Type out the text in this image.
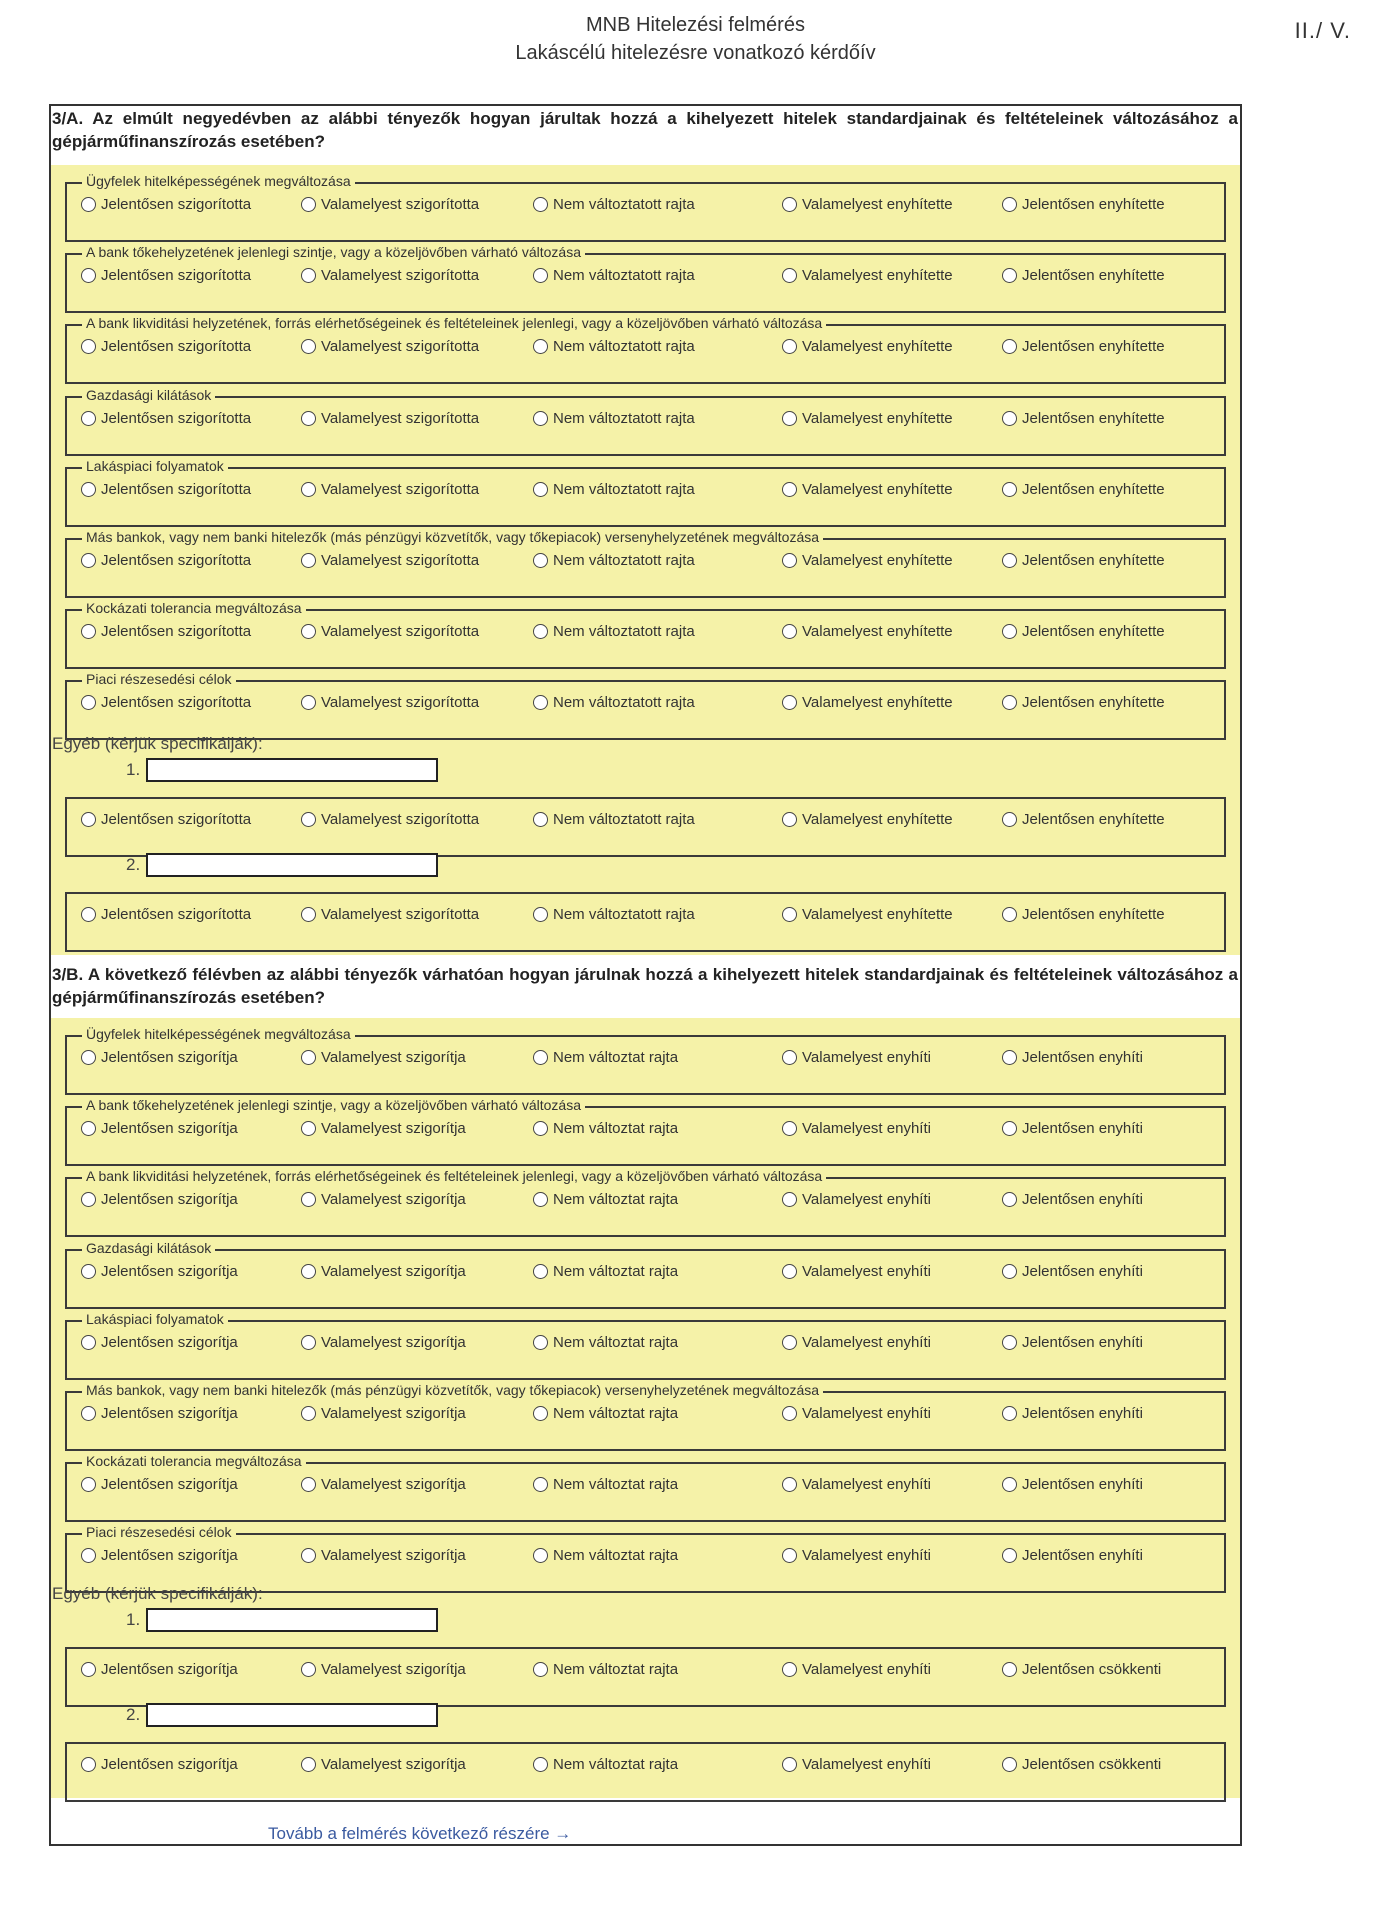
MNB Hitelezési felmérés
Lakáscélú hitelezésre vonatkozó kérdőív
II./ V.
3/A. Az elmúlt negyedévben az alábbi tényezők hogyan járultak hozzá a kihelyezett hitelek standardjainak és feltételeinek változásához a gépjárműfinanszírozás esetében?
3/B. A következő félévben az alábbi tényezők várhatóan hogyan járulnak hozzá a kihelyezett hitelek standardjainak és feltételeinek változásához a gépjárműfinanszírozás esetében?
Ügyfelek hitelképességének megváltozása
Jelentősen szigorította	Valamelyest szigorította	Nem változtatott rajta	Valamelyest enyhítette	Jelentősen enyhítette
A bank tőkehelyzetének jelenlegi szintje, vagy a közeljövőben várható változása
Jelentősen szigorította	Valamelyest szigorította	Nem változtatott rajta	Valamelyest enyhítette	Jelentősen enyhítette
A bank likviditási helyzetének, forrás elérhetőségeinek és feltételeinek jelenlegi, vagy a közeljövőben várható változása
Jelentősen szigorította	Valamelyest szigorította	Nem változtatott rajta	Valamelyest enyhítette	Jelentősen enyhítette
Gazdasági kilátások
Jelentősen szigorította	Valamelyest szigorította	Nem változtatott rajta	Valamelyest enyhítette	Jelentősen enyhítette
Lakáspiaci folyamatok
Jelentősen szigorította	Valamelyest szigorította	Nem változtatott rajta	Valamelyest enyhítette	Jelentősen enyhítette
Más bankok, vagy nem banki hitelezők (más pénzügyi közvetítők, vagy tőkepiacok) versenyhelyzetének megváltozása
Jelentősen szigorította	Valamelyest szigorította	Nem változtatott rajta	Valamelyest enyhítette	Jelentősen enyhítette
Kockázati tolerancia megváltozása
Jelentősen szigorította	Valamelyest szigorította	Nem változtatott rajta	Valamelyest enyhítette	Jelentősen enyhítette
Piaci részesedési célok
Jelentősen szigorította	Valamelyest szigorította	Nem változtatott rajta	Valamelyest enyhítette	Jelentősen enyhítette
Jelentősen szigorította	Valamelyest szigorította	Nem változtatott rajta	Valamelyest enyhítette	Jelentősen enyhítette
Jelentősen szigorította	Valamelyest szigorította	Nem változtatott rajta	Valamelyest enyhítette	Jelentősen enyhítette
Ügyfelek hitelképességének megváltozása
Jelentősen szigorítja	Valamelyest szigorítja	Nem változtat rajta	Valamelyest enyhíti	Jelentősen enyhíti
A bank tőkehelyzetének jelenlegi szintje, vagy a közeljövőben várható változása
Jelentősen szigorítja	Valamelyest szigorítja	Nem változtat rajta	Valamelyest enyhíti	Jelentősen enyhíti
A bank likviditási helyzetének, forrás elérhetőségeinek és feltételeinek jelenlegi, vagy a közeljövőben várható változása
Jelentősen szigorítja	Valamelyest szigorítja	Nem változtat rajta	Valamelyest enyhíti	Jelentősen enyhíti
Gazdasági kilátások
Jelentősen szigorítja	Valamelyest szigorítja	Nem változtat rajta	Valamelyest enyhíti	Jelentősen enyhíti
Lakáspiaci folyamatok
Jelentősen szigorítja	Valamelyest szigorítja	Nem változtat rajta	Valamelyest enyhíti	Jelentősen enyhíti
Más bankok, vagy nem banki hitelezők (más pénzügyi közvetítők, vagy tőkepiacok) versenyhelyzetének megváltozása
Jelentősen szigorítja	Valamelyest szigorítja	Nem változtat rajta	Valamelyest enyhíti	Jelentősen enyhíti
Kockázati tolerancia megváltozása
Jelentősen szigorítja	Valamelyest szigorítja	Nem változtat rajta	Valamelyest enyhíti	Jelentősen enyhíti
Piaci részesedési célok
Jelentősen szigorítja	Valamelyest szigorítja	Nem változtat rajta	Valamelyest enyhíti	Jelentősen enyhíti
Jelentősen szigorítja	Valamelyest szigorítja	Nem változtat rajta	Valamelyest enyhíti	Jelentősen csökkenti
Jelentősen szigorítja	Valamelyest szigorítja	Nem változtat rajta	Valamelyest enyhíti	Jelentősen csökkenti
Egyéb (kérjük specifikálják):
1.
2.
Egyéb (kérjük specifikálják):
1.
2.
Tovább a felmérés következő részére →
